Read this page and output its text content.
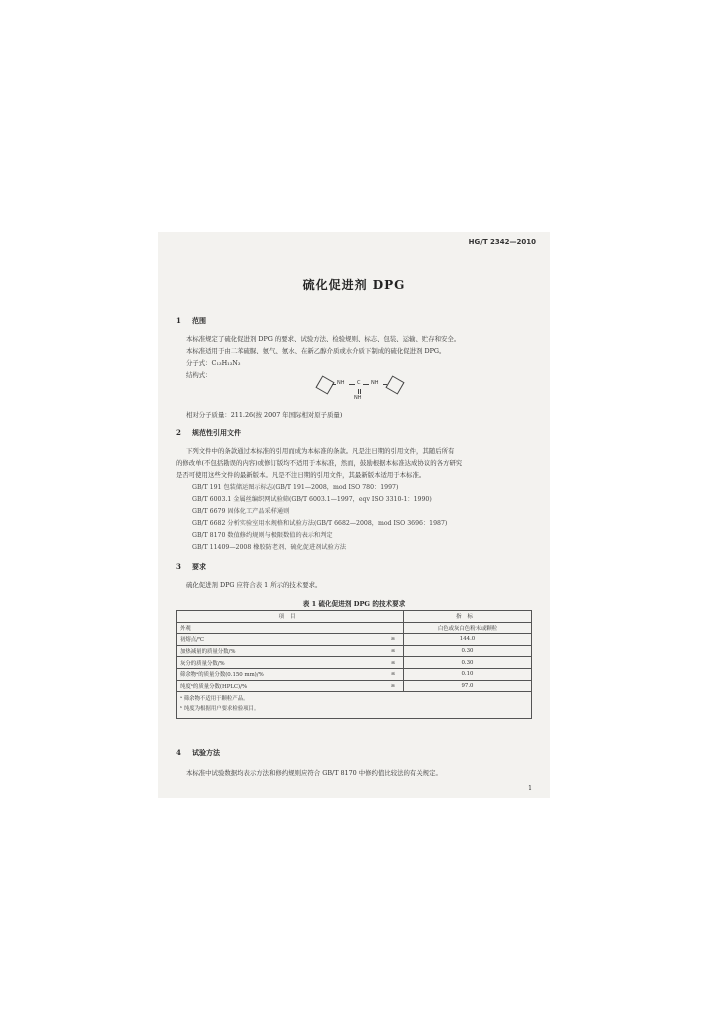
HG/T 2342—2010
硫化促进剂 DPG
1 范围
本标准规定了硫化促进剂 DPG 的要求、试验方法、检验规则、标志、包装、运输、贮存和安全。
本标准适用于由二苯硫脲、氨气、氨水、在新乙醇介质或水介质下制成的硫化促进剂 DPG。
分子式：C₁₃H₁₃N₃
结构式：
NH	C NH
NH
相对分子质量：211.26(按 2007 年国际相对原子质量)
2 规范性引用文件
下列文件中的条款通过本标准的引用而成为本标准的条款。凡是注日期的引用文件，其随后所有
的修改单(不包括勘误的内容)或修订版均不适用于本标准，然而，鼓励根据本标准达成协议的各方研究
是否可使用这些文件的最新版本。凡是不注日期的引用文件，其最新版本适用于本标准。
GB/T 191 包装储运图示标志(GB/T 191—2008，mod ISO 780：1997)
GB/T 6003.1 金属丝编织网试验筛(GB/T 6003.1—1997，eqv ISO 3310-1：1990)
GB/T 6679 固体化工产品采样通则
GB/T 6682 分析实验室用水规格和试验方法(GB/T 6682—2008，mod ISO 3696：1987)
GB/T 8170 数值修约规则与极限数值的表示和判定
GB/T 11409—2008 橡胶防老剂、硫化促进剂试验方法
3 要求
硫化促进剂 DPG 应符合表 1 所示的技术要求。
表 1 硫化促进剂 DPG 的技术要求
项目		指标
外观		白色或灰白色粉末或颗粒
初熔点/℃	≥	144.0
加热减量的质量分数/%	≤	0.30
灰分的质量分数/%	≤	0.30
筛余物ᵃ的质量分数(0.150 mm)/%	≤	0.10
纯度ᵇ的质量分数(HPLC)/%	≥	97.0

ᵃ 筛余物不适用于颗粒产品。
ᵇ 纯度为根据用户要求检验项目。		
4 试验方法
本标准中试验数据均表示方法和修约规则应符合 GB/T 8170 中修约值比较法的有关规定。
1
